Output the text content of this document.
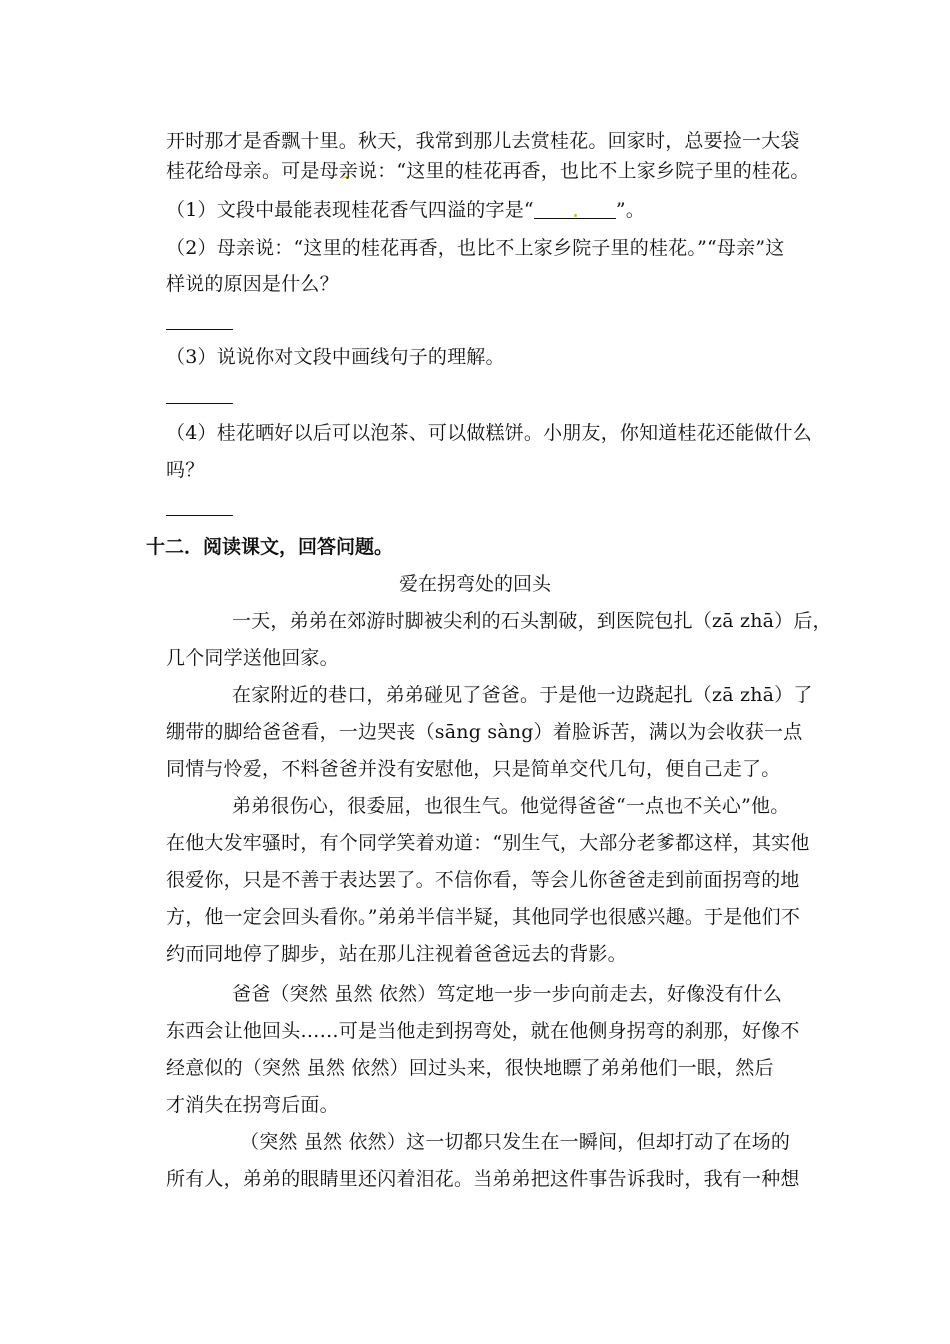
开时那才是香飘十里。秋天，我常到那儿去赏桂花。回家时，总要捡一大袋
桂花给母亲。可是母亲说：“这里的桂花再香，也比不上家乡院子里的桂花。
（1）文段中最能表现桂花香气四溢的字是“	”。
（2）母亲说：“这里的桂花再香，也比不上家乡院子里的桂花。”“母亲”这
样说的原因是什么？
（3）说说你对文段中画线句子的理解。
（4）桂花晒好以后可以泡茶、可以做糕饼。小朋友，你知道桂花还能做什么
吗？
十二．阅读课文，回答问题。
爱在拐弯处的回头
一天，弟弟在郊游时脚被尖利的石头割破，到医院包扎（zā zhā）后，
几个同学送他回家。
在家附近的巷口，弟弟碰见了爸爸。于是他一边跷起扎（zā zhā）了
绷带的脚给爸爸看，一边哭丧（sāng sàng）着脸诉苦，满以为会收获一点
同情与怜爱，不料爸爸并没有安慰他，只是简单交代几句，便自己走了。
弟弟很伤心，很委屈，也很生气。他觉得爸爸“一点也不关心”他。
在他大发牢骚时，有个同学笑着劝道：“别生气，大部分老爹都这样，其实他
很爱你，只是不善于表达罢了。不信你看，等会儿你爸爸走到前面拐弯的地
方，他一定会回头看你。”弟弟半信半疑，其他同学也很感兴趣。于是他们不
约而同地停了脚步，站在那儿注视着爸爸远去的背影。
爸爸（突然 虽然 依然）笃定地一步一步向前走去，好像没有什么
东西会让他回头……可是当他走到拐弯处，就在他侧身拐弯的刹那，好像不
经意似的（突然 虽然 依然）回过头来，很快地瞟了弟弟他们一眼，然后
才消失在拐弯后面。
（突然 虽然 依然）这一切都只发生在一瞬间，但却打动了在场的
所有人，弟弟的眼睛里还闪着泪花。当弟弟把这件事告诉我时，我有一种想
